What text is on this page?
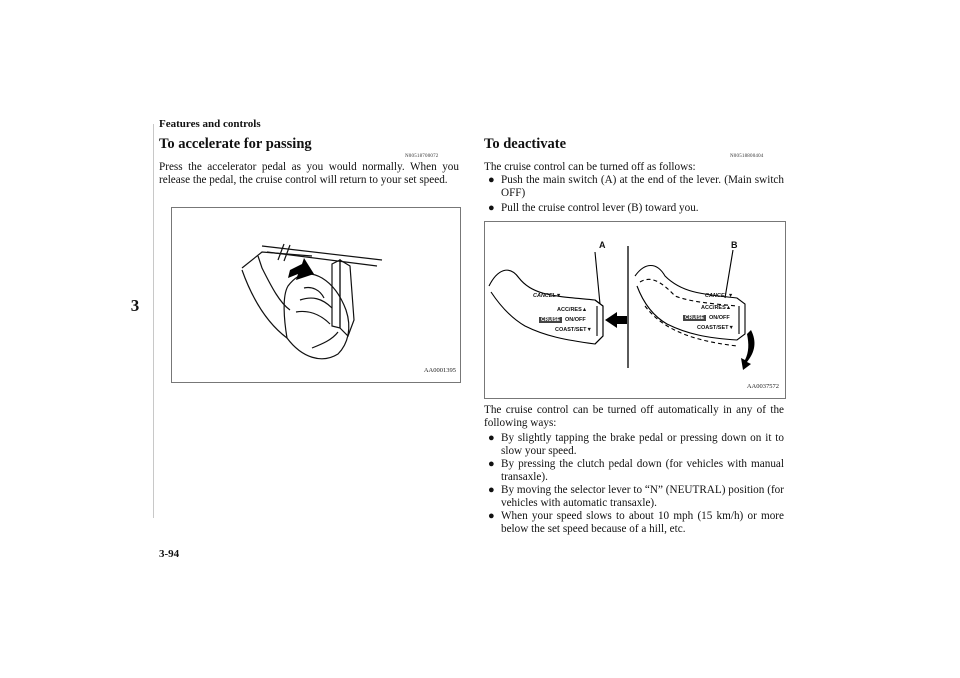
Features and controls
3
To accelerate for passing
N00518700072

Press the accelerator pedal as you would normally. When you release the pedal, the cruise control will return to your set speed.

AA0001395
To deactivate
N00518800404

The cruise control can be turned off as follows:

● Push the main switch (A) at the end of the lever. (Main switch OFF)
● Pull the cruise control lever (B) toward you.
A	B
CANCEL▼
ACC/RES▲
CRUISE ON/OFF
COAST/SET▼
CANCEL▼
ACC/RES▲
CRUISE ON/OFF
COAST/SET▼
AA0037572

The cruise control can be turned off automatically in any of the following ways:

● By slightly tapping the brake pedal or pressing down on it to slow your speed.
● By pressing the clutch pedal down (for vehicles with manual transaxle).
● By moving the selector lever to “N” (NEUTRAL) position (for vehicles with automatic transaxle).
● When your speed slows to about 10 mph (15 km/h) or more below the set speed because of a hill, etc.
3-94
